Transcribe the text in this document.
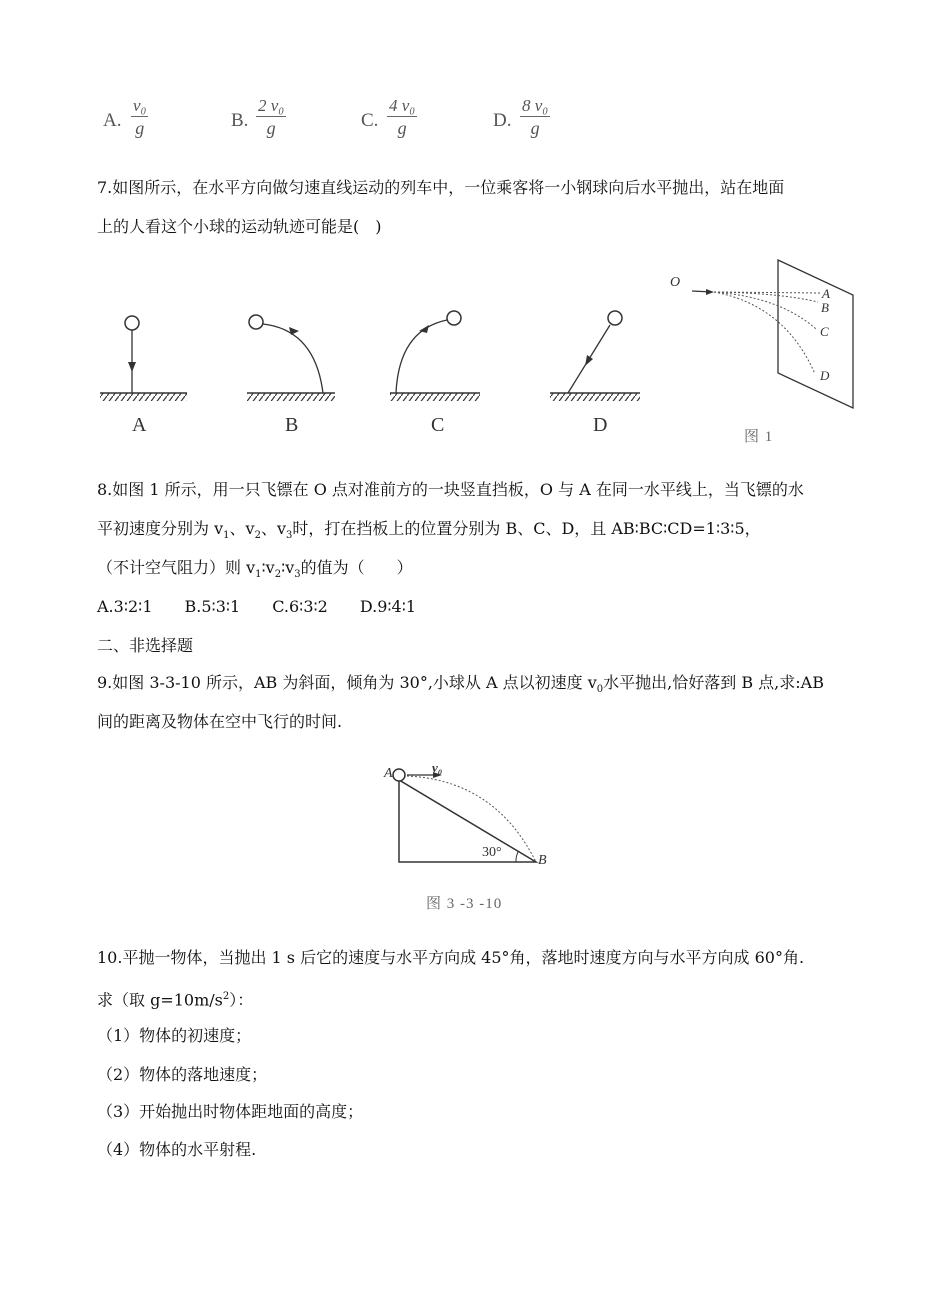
A. $\frac{\text{v₀}}{g}$	B. $\frac{\text{2 v₀}}{g}$	C. $\frac{\text{4 v₀}}{g}$	D. $\frac{\text{8 v₀}}{g}$
7.如图所示，在水平方向做匀速直线运动的列车中，一位乘客将一小钢球向后水平抛出，站在地面
上的人看这个小球的运动轨迹可能是(　)
A	B	C	D
O
A
B
C
D
图 1
8.如图 1 所示，用一只飞镖在 O 点对准前方的一块竖直挡板，O 与 A 在同一水平线上，当飞镖的水
平初速度分别为 $v_1$、$v_2$、$v_3$时，打在挡板上的位置分别为 B、C、D，且 AB∶BC∶CD=1∶3∶5，
（不计空气阻力）则 $v_1∶v_2∶v_3$的值为（　　）
A.3∶2∶1 B.5∶3∶1 C.6∶3∶2 D.9∶4∶1
二、非选择题
9.如图 3-3-10 所示，AB 为斜面，倾角为 30°,小球从 A 点以初速度 $v_0$水平抛出,恰好落到 B 点,求:AB
间的距离及物体在空中飞行的时间.
A
B
v₀
30°
图 3 -3 -10
10.平抛一物体，当抛出 1 s 后它的速度与水平方向成 45°角，落地时速度方向与水平方向成 60°角.
求（取 $g=10m/s^2$）：
（1）物体的初速度；
（2）物体的落地速度；
（3）开始抛出时物体距地面的高度；
（4）物体的水平射程.
